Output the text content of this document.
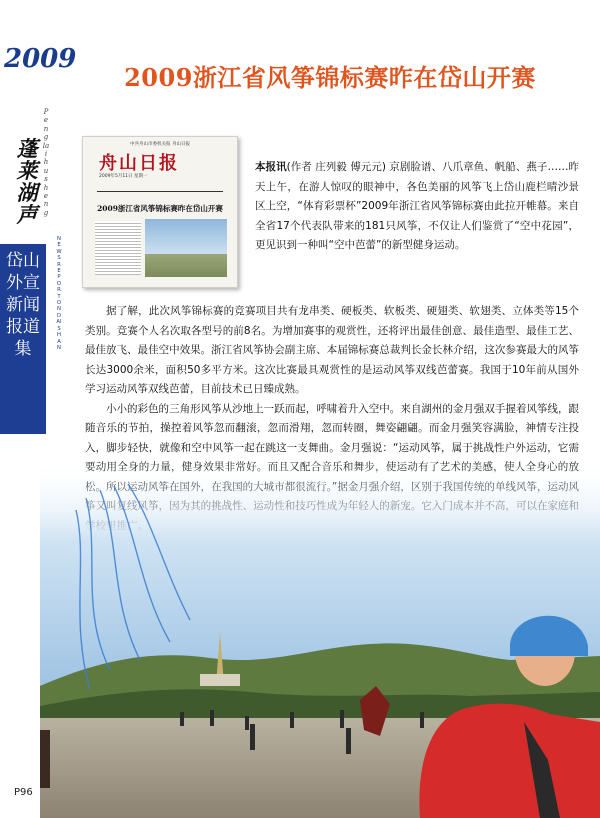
2009
Peng lai hu sheng
蓬莱湖声
NEWS REPORT ON DAISHAN
岱山外宣新闻报道集
2009浙江省风筝锦标赛昨在岱山开赛
中共舟山市委机关报 舟山日报
舟山日报
2009年5月11日 星期一
2009浙江省风筝锦标赛昨在岱山开赛

本报讯(作者 庄列毅 傅元元) 京剧脸谱、八爪章鱼、帆船、燕子……昨天上午，在游人惊叹的眼神中，各色美丽的风筝飞上岱山鹿栏晴沙景区上空，“体育彩票杯”2009年浙江省风筝锦标赛由此拉开帷幕。来自全省17个代表队带来的181只风筝，不仅让人们鉴赏了“空中花园”，更见识到一种叫“空中芭蕾”的新型健身运动。

据了解，此次风筝锦标赛的竞赛项目共有龙串类、硬板类、软板类、硬翅类、软翅类、立体类等15个类别。竞赛个人名次取各型号的前8名。为增加赛事的观赏性，还将评出最佳创意、最佳造型、最佳工艺、最佳放飞、最佳空中效果。浙江省风筝协会副主席、本届锦标赛总裁判长金长林介绍，这次参赛最大的风筝长达3000余米，面积50多平方米。这次比赛最具观赏性的是运动风筝双线芭蕾赛。我国于10年前从国外学习运动风筝双线芭蕾，目前技术已日臻成熟。

小小的彩色的三角形风筝从沙地上一跃而起，呼啸着升入空中。来自湖州的金月强双手握着风筝线，跟随音乐的节拍，操控着风筝忽而翻滚，忽而滑翔，忽而转圈，舞姿翩翩。而金月强笑容满脸，神情专注投入，脚步轻快，就像和空中风筝一起在跳这一支舞曲。金月强说：“运动风筝，属于挑战性户外运动，它需

P96
